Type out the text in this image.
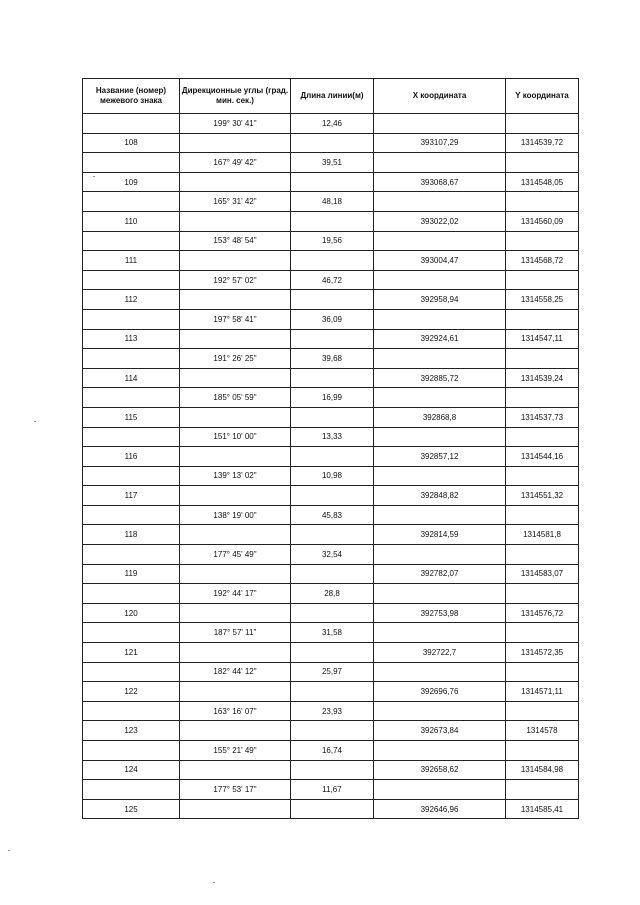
Название (номер) межевого знака	Дирекционные углы (град. мин. сек.)	Длина линии(м)	X координата	Y координата
	199° 30' 41"	12,46		
108			393107,29	1314539,72
	167° 49' 42"	39,51		
109			393068,67	1314548,05
	165° 31' 42"	48,18		
110			393022,02	1314560,09
	153° 48' 54"	19,56		
111			393004,47	1314568,72
	192° 57' 02"	46,72		
112			392958,94	1314558,25
	197° 58' 41"	36,09		
113			392924,61	1314547,11
	191° 26' 25"	39,68		
114			392885,72	1314539,24
	185° 05' 59"	16,99		
115			392868,8	1314537,73
	151° 10' 00"	13,33		
116			392857,12	1314544,16
	139° 13' 02"	10,98		
117			392848,82	1314551,32
	138° 19' 00"	45,83		
118			392814,59	1314581,8
	177° 45' 49"	32,54		
119			392782,07	1314583,07
	192° 44' 17"	28,8		
120			392753,98	1314576,72
	187° 57' 11"	31,58		
121			392722,7	1314572,35
	182° 44' 12"	25,97		
122			392696,76	1314571,11
	163° 16' 07"	23,93		
123			392673,84	1314578
	155° 21' 49"	16,74		
124			392658,62	1314584,98
	177° 53' 17"	11,67		
125			392646,96	1314585,41
